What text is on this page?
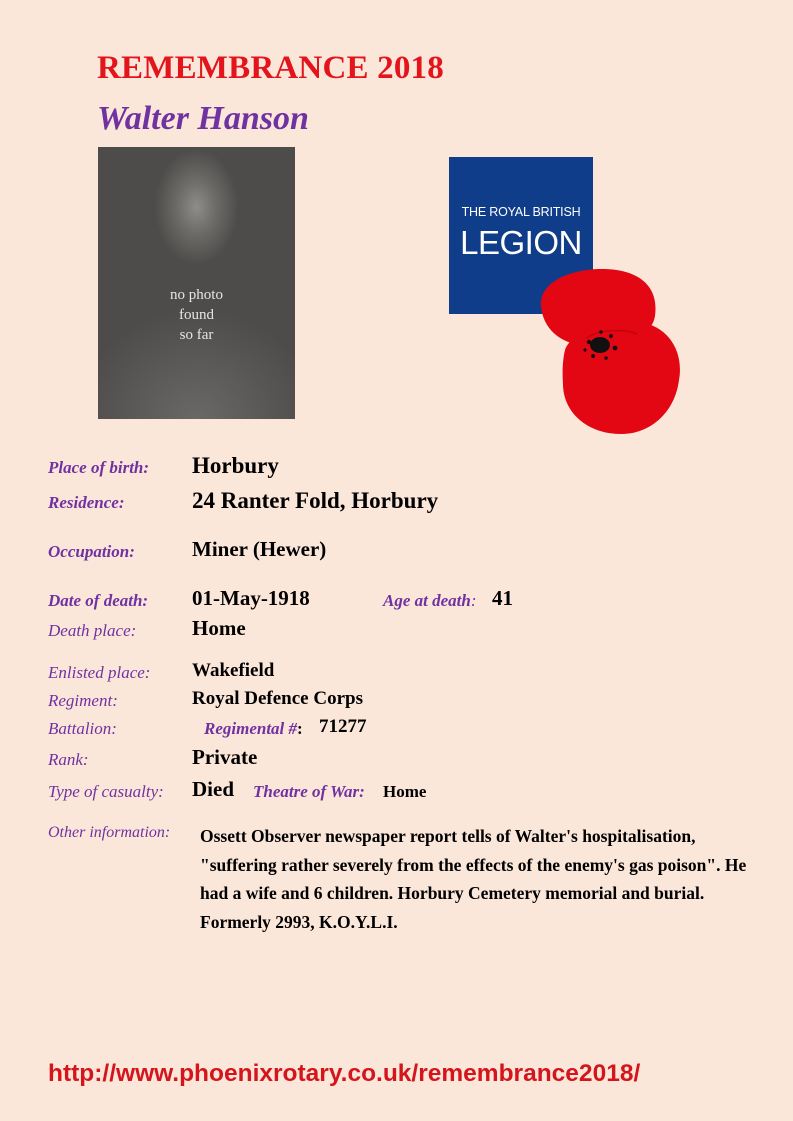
REMEMBRANCE 2018
Walter Hanson
no photo
found
so far
THE ROYAL BRITISH
LEGION
Place of birth: Horbury
Residence:	24 Ranter Fold, Horbury
Occupation:	Miner (Hewer)
Date of death: 01-May-1918	Age at death: 41
Death place:	Home
Enlisted place: Wakefield
Regiment:	Royal Defence Corps
Battalion:	Regimental #: 71277
Rank:	Private
Type of casualty: Died Theatre of War: Home
Other information: Ossett Observer newspaper report tells of Walter's hospitalisation, "suffering rather severely from the effects of the enemy's gas poison". He had a wife and 6 children. Horbury Cemetery memorial and burial. Formerly 2993, K.O.Y.L.I.

http://www.phoenixrotary.co.uk/remembrance2018/
